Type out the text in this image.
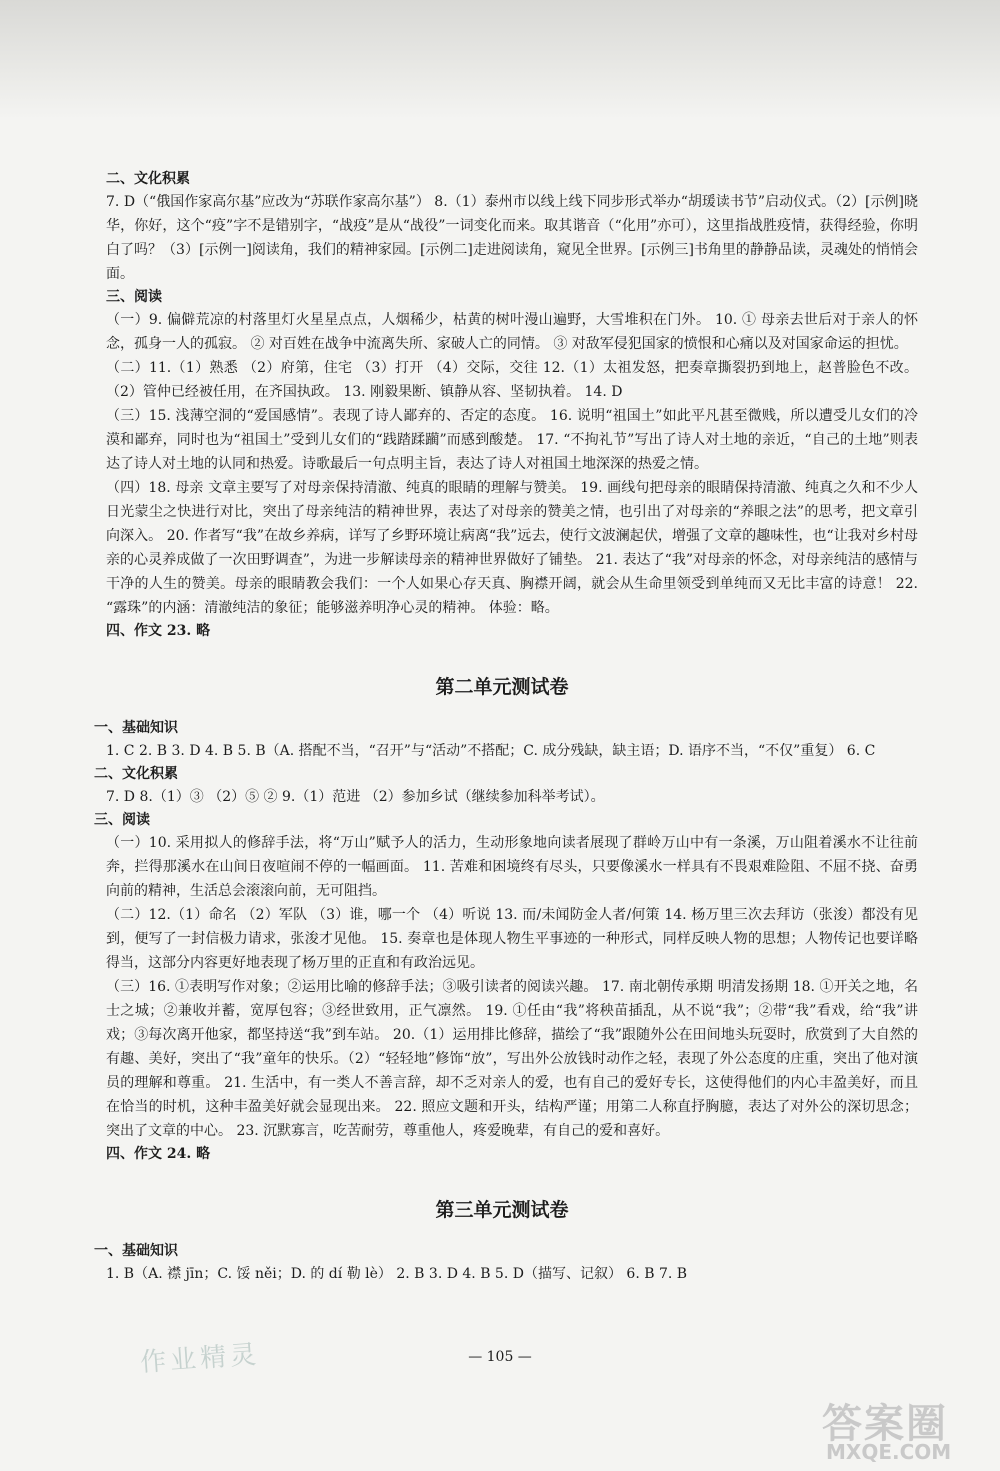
二、文化积累

7. D（“俄国作家高尔基”应改为“苏联作家高尔基”） 8.（1）泰州市以线上线下同步形式举办“胡瑗读书节”启动仪式。（2）[示例]晓华，你好，这个“疫”字不是错别字，“战疫”是从“战役”一词变化而来。取其谐音（“化用”亦可），这里指战胜疫情，获得经验，你明白了吗？（3）[示例一]阅读角，我们的精神家园。[示例二]走进阅读角，窥见全世界。[示例三]书角里的静静品读，灵魂处的悄悄会面。

三、阅读

（一）9. 偏僻荒凉的村落里灯火星星点点，人烟稀少，枯黄的树叶漫山遍野，大雪堆积在门外。 10. ① 母亲去世后对于亲人的怀念，孤身一人的孤寂。 ② 对百姓在战争中流离失所、家破人亡的同情。 ③ 对敌军侵犯国家的愤恨和心痛以及对国家命运的担忧。

（二）11.（1）熟悉 （2）府第，住宅 （3）打开 （4）交际，交往 12.（1）太祖发怒，把奏章撕裂扔到地上，赵普脸色不改。（2）管仲已经被任用，在齐国执政。 13. 刚毅果断、镇静从容、坚韧执着。 14. D

（三）15. 浅薄空洞的“爱国感情”。表现了诗人鄙弃的、否定的态度。 16. 说明“祖国土”如此平凡甚至微贱，所以遭受儿女们的冷漠和鄙弃，同时也为“祖国土”受到儿女们的“践踏蹂躏”而感到酸楚。 17. “不拘礼节”写出了诗人对土地的亲近，“自己的土地”则表达了诗人对土地的认同和热爱。诗歌最后一句点明主旨，表达了诗人对祖国土地深深的热爱之情。

（四）18. 母亲 文章主要写了对母亲保持清澈、纯真的眼睛的理解与赞美。 19. 画线句把母亲的眼睛保持清澈、纯真之久和不少人日光蒙尘之快进行对比，突出了母亲纯洁的精神世界，表达了对母亲的赞美之情，也引出了对母亲的“养眼之法”的思考，把文章引向深入。 20. 作者写“我”在故乡养病，详写了乡野环境让病离“我”远去，使行文波澜起伏，增强了文章的趣味性，也“让我对乡村母亲的心灵养成做了一次田野调查”，为进一步解读母亲的精神世界做好了铺垫。 21. 表达了“我”对母亲的怀念，对母亲纯洁的感情与干净的人生的赞美。母亲的眼睛教会我们：一个人如果心存天真、胸襟开阔，就会从生命里领受到单纯而又无比丰富的诗意！ 22. “露珠”的内涵：清澈纯洁的象征；能够滋养明净心灵的精神。 体验：略。

四、作文 23. 略

第二单元测试卷

一、基础知识

1. C 2. B 3. D 4. B 5. B（A. 搭配不当，“召开”与“活动”不搭配；C. 成分残缺，缺主语；D. 语序不当，“不仅”重复） 6. C

二、文化积累

7. D 8.（1）③ （2）⑤ ② 9.（1）范进 （2）参加乡试（继续参加科举考试）。

三、阅读

（一）10. 采用拟人的修辞手法，将“万山”赋予人的活力，生动形象地向读者展现了群岭万山中有一条溪，万山阻着溪水不让往前奔，拦得那溪水在山间日夜喧闹不停的一幅画面。 11. 苦难和困境终有尽头，只要像溪水一样具有不畏艰难险阻、不屈不挠、奋勇向前的精神，生活总会滚滚向前，无可阻挡。

（二）12.（1）命名 （2）军队 （3）谁，哪一个 （4）听说 13. 而/未闻防金人者/何策 14. 杨万里三次去拜访（张浚）都没有见到，便写了一封信极力请求，张浚才见他。 15. 奏章也是体现人物生平事迹的一种形式，同样反映人物的思想；人物传记也要详略得当，这部分内容更好地表现了杨万里的正直和有政治远见。

（三）16. ①表明写作对象；②运用比喻的修辞手法；③吸引读者的阅读兴趣。 17. 南北朝传承期 明清发扬期 18. ①开关之地，名士之城；②兼收并蓄，宽厚包容；③经世致用，正气凛然。 19. ①任由“我”将秧苗插乱，从不说“我”；②带“我”看戏，给“我”讲戏；③每次离开他家，都坚持送“我”到车站。 20.（1）运用排比修辞，描绘了“我”跟随外公在田间地头玩耍时，欣赏到了大自然的有趣、美好，突出了“我”童年的快乐。（2）“轻轻地”修饰“放”，写出外公放钱时动作之轻，表现了外公态度的庄重，突出了他对演员的理解和尊重。 21. 生活中，有一类人不善言辞，却不乏对亲人的爱，也有自己的爱好专长，这使得他们的内心丰盈美好，而且在恰当的时机，这种丰盈美好就会显现出来。 22. 照应文题和开头，结构严谨；用第二人称直抒胸臆，表达了对外公的深切思念；突出了文章的中心。 23. 沉默寡言，吃苦耐劳，尊重他人，疼爱晚辈，有自己的爱和喜好。

四、作文 24. 略

第三单元测试卷

一、基础知识

1. B（A. 襟 jīn；C. 馁 něi；D. 的 dí 勒 lè） 2. B 3. D 4. B 5. D（描写、记叙） 6. B 7. B

作业精灵	— 105 —
答案圈
MXQE.COM
